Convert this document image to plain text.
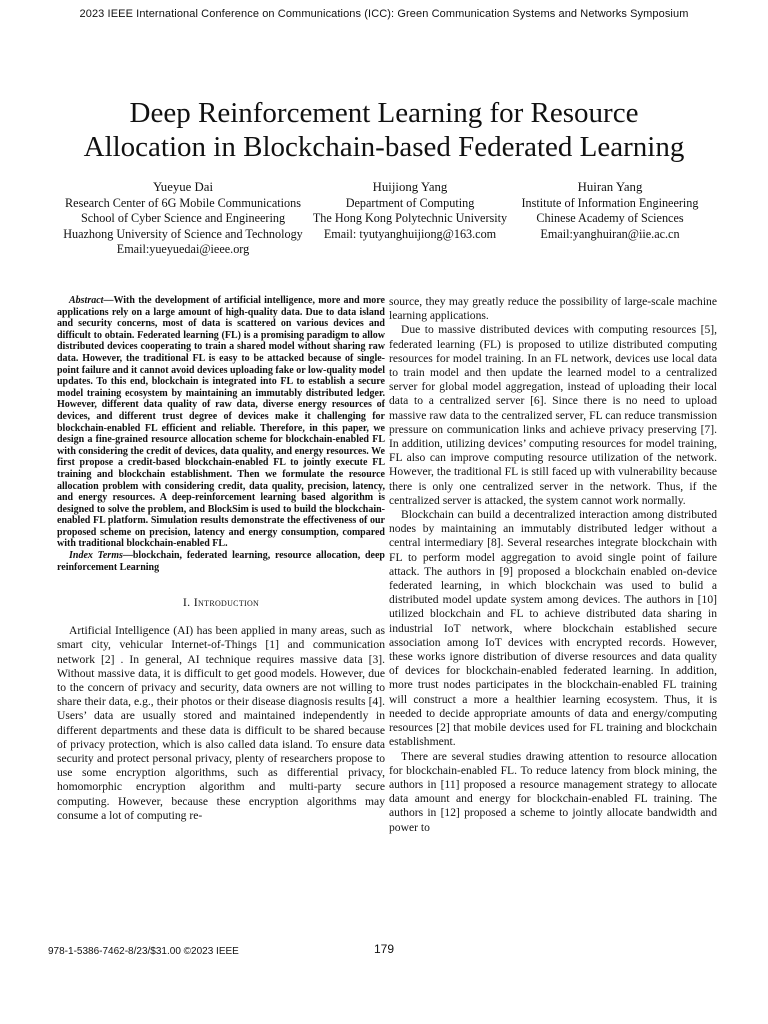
2023 IEEE International Conference on Communications (ICC): Green Communication Systems and Networks Symposium
Deep Reinforcement Learning for Resource
Allocation in Blockchain-based Federated Learning
Yueyue Dai
Research Center of 6G Mobile Communications
School of Cyber Science and Engineering
Huazhong University of Science and Technology
Email:yueyuedai@ieee.org
Huijiong Yang
Department of Computing
The Hong Kong Polytechnic University
Email: tyutyanghuijiong@163.com
Huiran Yang
Institute of Information Engineering
Chinese Academy of Sciences
Email:yanghuiran@iie.ac.cn

Abstract—With the development of artificial intelligence, more and more applications rely on a large amount of high-quality data. Due to data island and security concerns, most of data is scattered on various devices and difficult to obtain. Federated learning (FL) is a promising paradigm to allow distributed devices cooperating to train a shared model without sharing raw data. However, the traditional FL is easy to be attacked because of single-point failure and it cannot avoid devices uploading fake or low-quality model updates. To this end, blockchain is integrated into FL to establish a secure model training ecosystem by maintaining an immutably distributed ledger. However, different data quality of raw data, diverse energy resources of devices, and different trust degree of devices make it challenging for blockchain-enabled FL efficient and reliable. Therefore, in this paper, we design a fine-grained resource allocation scheme for blockchain-enabled FL with considering the credit of devices, data quality, and energy resources. We first propose a credit-based blockchain-enabled FL to jointly execute FL training and blockchain establishment. Then we formulate the resource allocation problem with considering credit, data quality, precision, latency, and energy resources. A deep-reinforcement learning based algorithm is designed to solve the problem, and BlockSim is used to build the blockchain-enabled FL platform. Simulation results demonstrate the effectiveness of our proposed scheme on precision, latency and energy consumption, compared with traditional blockchain-enabled FL.

Index Terms—blockchain, federated learning, resource allocation, deep reinforcement Learning

I. Introduction

Artificial Intelligence (AI) has been applied in many areas, such as smart city, vehicular Internet-of-Things [1] and communication network [2] . In general, AI technique requires massive data [3]. Without massive data, it is difficult to get good models. However, due to the concern of privacy and security, data owners are not willing to share their data, e.g., their photos or their disease diagnosis results [4]. Users’ data are usually stored and maintained independently in different departments and these data is difficult to be shared because of privacy protection, which is also called data island. To ensure data security and protect personal privacy, plenty of researchers propose to use some encryption algorithms, such as differential privacy, homomorphic encryption algorithm and multi-party secure computing. However, because these encryption algorithms may consume a lot of computing re-

source, they may greatly reduce the possibility of large-scale machine learning applications.

Due to massive distributed devices with computing resources [5], federated learning (FL) is proposed to utilize distributed computing resources for model training. In an FL network, devices use local data to train model and then update the learned model to a centralized server for global model aggregation, instead of uploading their local data to a centralized server [6]. Since there is no need to upload massive raw data to the centralized server, FL can reduce transmission pressure on communication links and achieve privacy preserving [7]. In addition, utilizing devices’ computing resources for model training, FL also can improve computing resource utilization of the network. However, the traditional FL is still faced up with vulnerability because there is only one centralized server in the network. Thus, if the centralized server is attacked, the system cannot work normally.

Blockchain can build a decentralized interaction among distributed nodes by maintaining an immutably distributed ledger without a central intermediary [8]. Several researches integrate blockchain with FL to perform model aggregation to avoid single point of failure attack. The authors in [9] proposed a blockchain enabled on-device federated learning, in which blockchain was used to bulid a distributed model update system among devices. The authors in [10] utilized blockchain and FL to achieve distributed data sharing in industrial IoT network, where blockchain established secure association among IoT devices with encrypted records. However, these works ignore distribution of diverse resources and data quality of devices for blockchain-enabled federated learning. In addition, more trust nodes participates in the blockchain-enabled FL training will construct a more a healthier learning ecosystem. Thus, it is needed to decide appropriate amounts of data and energy/computing resources [2] that mobile devices used for FL training and blockchain establishment.

There are several studies drawing attention to resource allocation for blockchain-enabled FL. To reduce latency from block mining, the authors in [11] proposed a resource management strategy to allocate data amount and energy for blockchain-enabled FL training. The authors in [12] proposed a scheme to jointly allocate bandwidth and power to

978-1-5386-7462-8/23/$31.00 ©2023 IEEE	179
